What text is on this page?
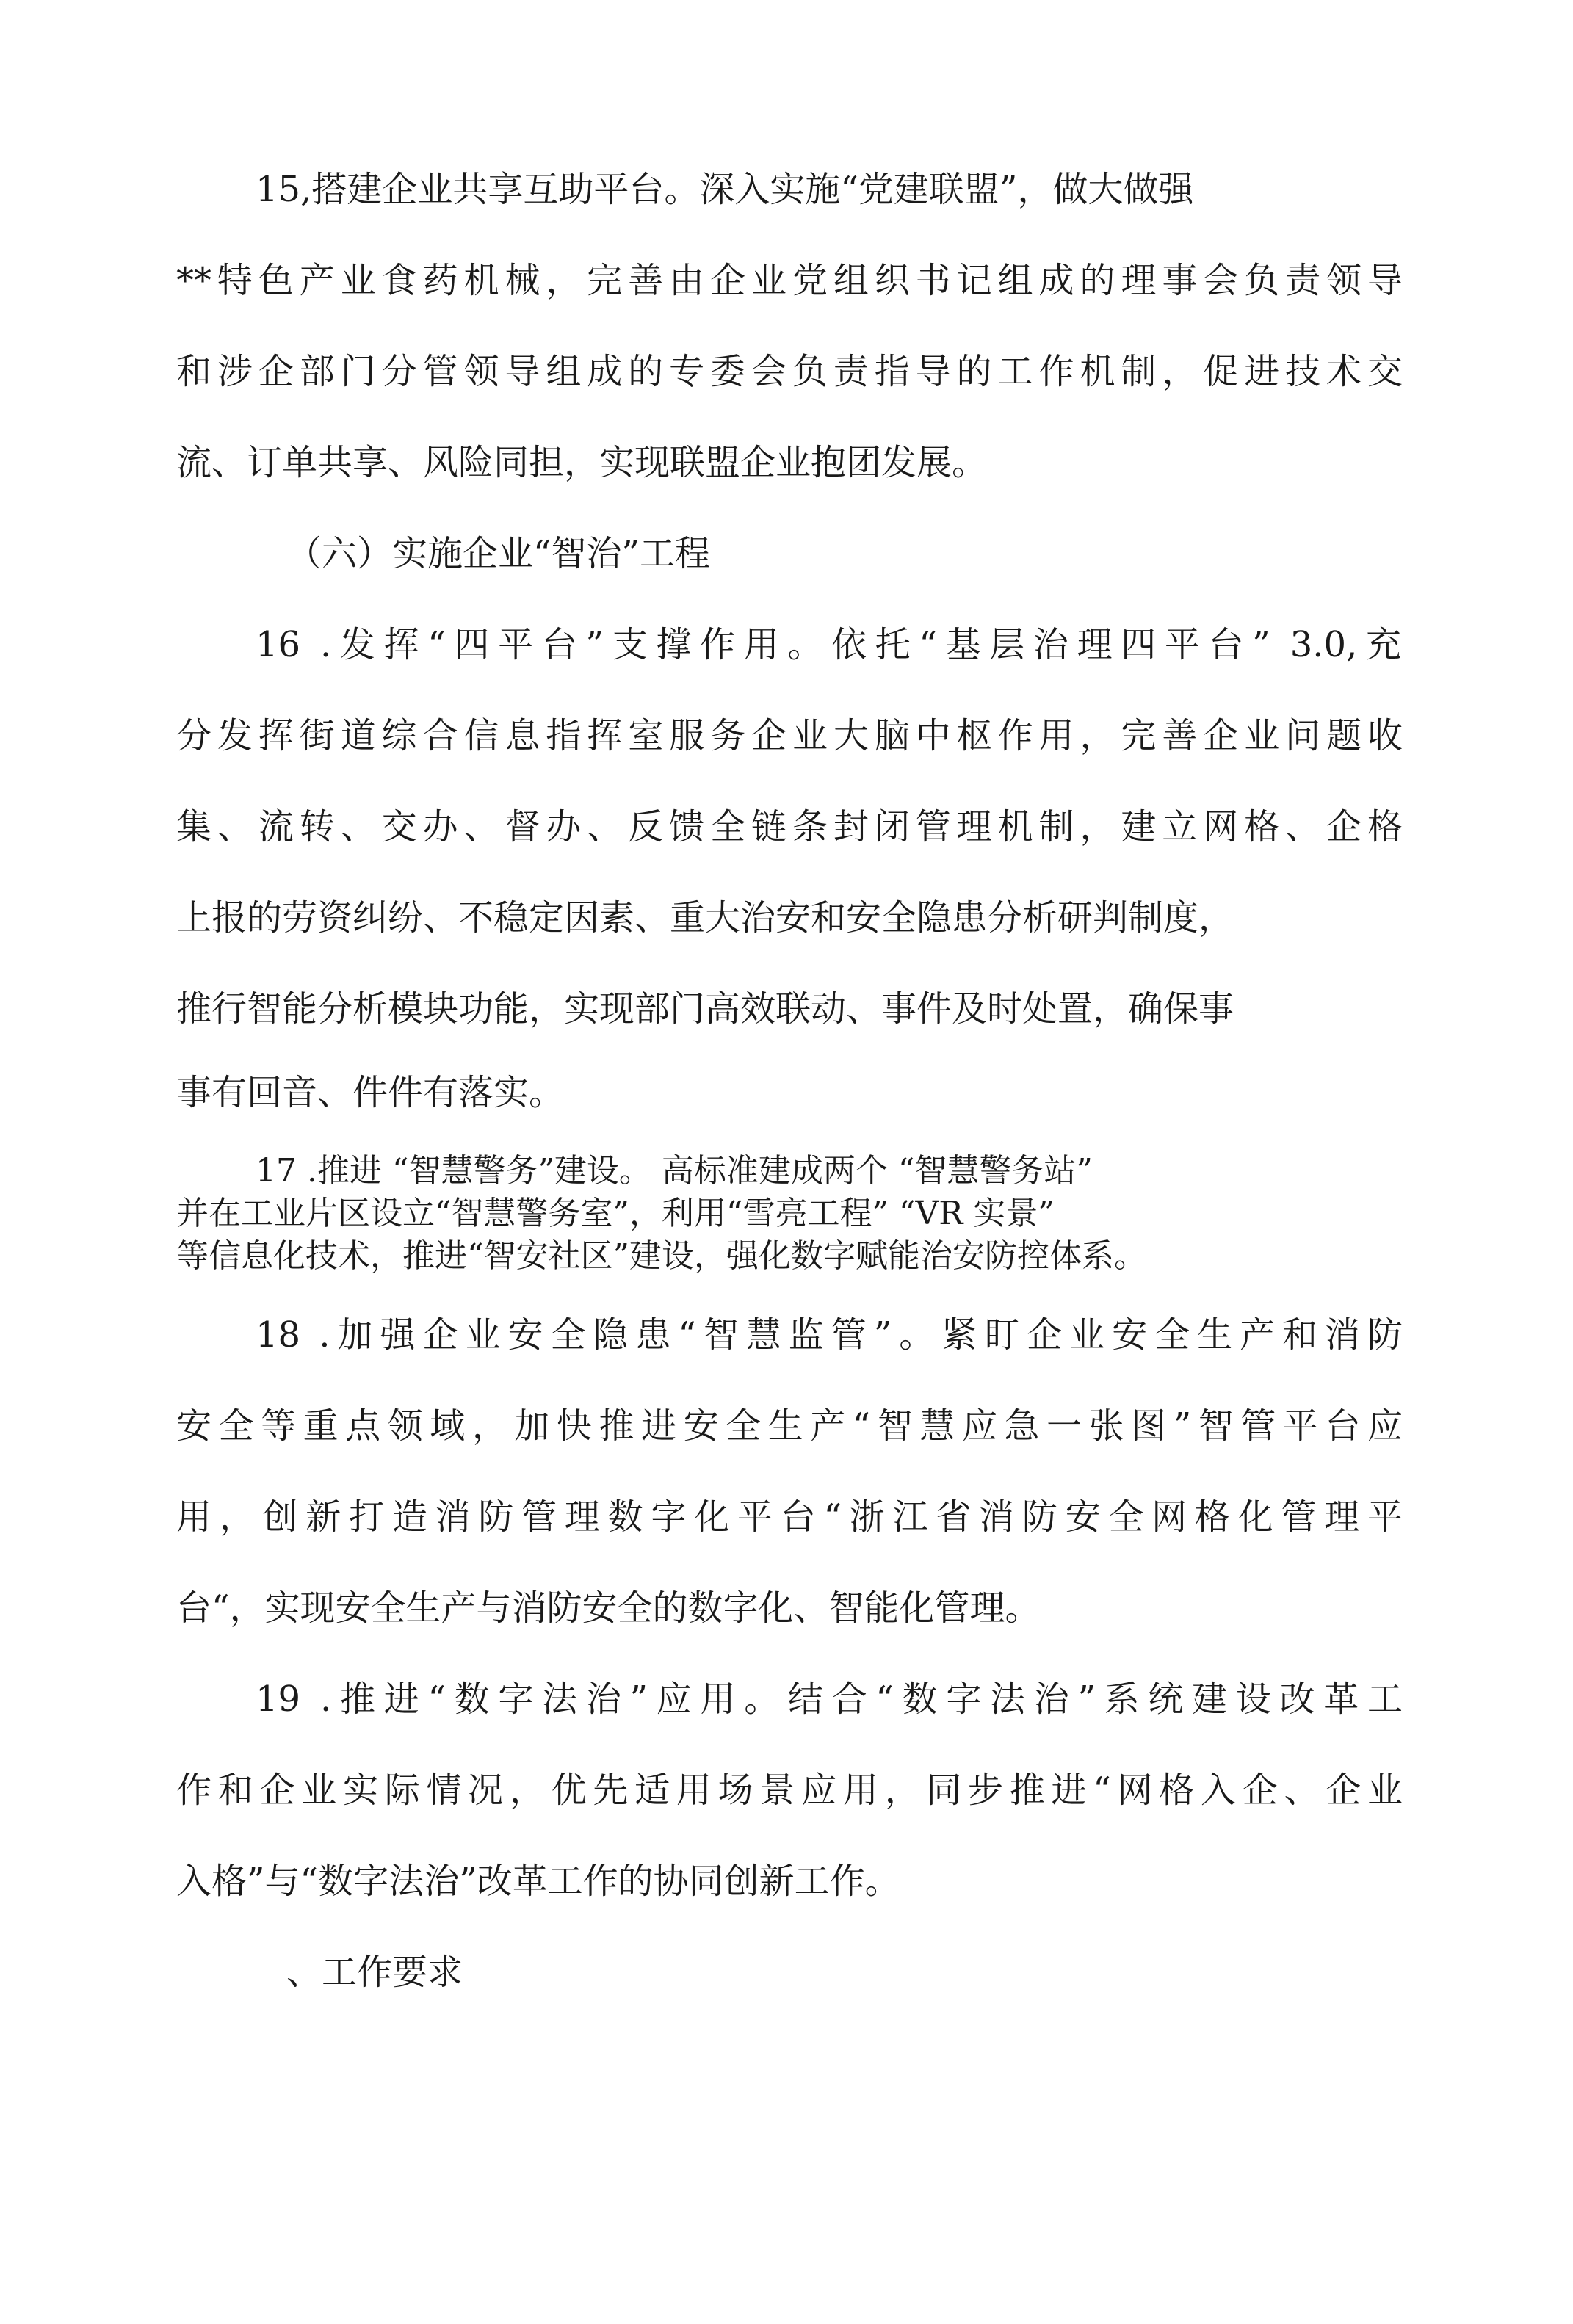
15,搭建企业共享互助平台。深入实施“党建联盟”，做大做强

**特色产业食药机械，完善由企业党组织书记组成的理事会负责领导

和涉企部门分管领导组成的专委会负责指导的工作机制，促进技术交

流、订单共享、风险同担，实现联盟企业抱团发展。

（六）实施企业“智治”工程

16 .发挥“四平台”支撑作用。依托“基层治理四平台” 3.0,充

分发挥街道综合信息指挥室服务企业大脑中枢作用，完善企业问题收

集、流转、交办、督办、反馈全链条封闭管理机制，建立网格、企格

上报的劳资纠纷、不稳定因素、重大治安和安全隐患分析研判制度，

推行智能分析模块功能，实现部门高效联动、事件及时处置，确保事

事有回音、件件有落实。

17 .推进 “智慧警务”建设。 高标准建成两个 “智慧警务站”

并在工业片区设立“智慧警务室”，利用“雪亮工程” “VR 实景”

等信息化技术，推进“智安社区”建设，强化数字赋能治安防控体系。

18 .加强企业安全隐患“智慧监管”。紧盯企业安全生产和消防

安全等重点领域，加快推进安全生产“智慧应急一张图”智管平台应

用，创新打造消防管理数字化平台“浙江省消防安全网格化管理平

台“，实现安全生产与消防安全的数字化、智能化管理。

19 .推进“数字法治”应用。结合“数字法治”系统建设改革工

作和企业实际情况，优先适用场景应用，同步推进“网格入企、企业

入格”与“数字法治”改革工作的协同创新工作。

、工作要求
